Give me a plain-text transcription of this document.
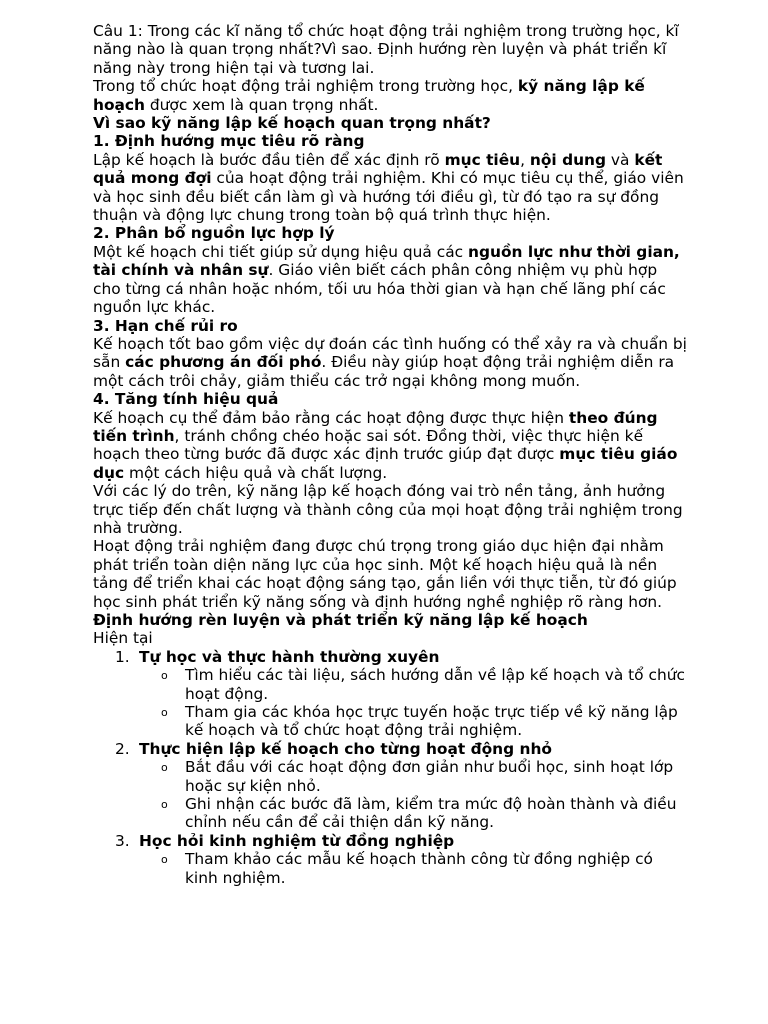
Câu 1: Trong các kĩ năng tổ chức hoạt động trải nghiệm trong trường học, kĩ năng nào là quan trọng nhất?Vì sao. Định hướng rèn luyện và phát triển kĩ năng này trong hiện tại và tương lai.

Trong tổ chức hoạt động trải nghiệm trong trường học, kỹ năng lập kế hoạch được xem là quan trọng nhất.

Vì sao kỹ năng lập kế hoạch quan trọng nhất?

1. Định hướng mục tiêu rõ ràng

Lập kế hoạch là bước đầu tiên để xác định rõ mục tiêu, nội dung và kết quả mong đợi của hoạt động trải nghiệm. Khi có mục tiêu cụ thể, giáo viên và học sinh đều biết cần làm gì và hướng tới điều gì, từ đó tạo ra sự đồng thuận và động lực chung trong toàn bộ quá trình thực hiện.

2. Phân bổ nguồn lực hợp lý

Một kế hoạch chi tiết giúp sử dụng hiệu quả các nguồn lực như thời gian, tài chính và nhân sự. Giáo viên biết cách phân công nhiệm vụ phù hợp cho từng cá nhân hoặc nhóm, tối ưu hóa thời gian và hạn chế lãng phí các nguồn lực khác.

3. Hạn chế rủi ro

Kế hoạch tốt bao gồm việc dự đoán các tình huống có thể xảy ra và chuẩn bị sẵn các phương án đối phó. Điều này giúp hoạt động trải nghiệm diễn ra một cách trôi chảy, giảm thiểu các trở ngại không mong muốn.

4. Tăng tính hiệu quả

Kế hoạch cụ thể đảm bảo rằng các hoạt động được thực hiện theo đúng tiến trình, tránh chồng chéo hoặc sai sót. Đồng thời, việc thực hiện kế hoạch theo từng bước đã được xác định trước giúp đạt được mục tiêu giáo dục một cách hiệu quả và chất lượng.

Với các lý do trên, kỹ năng lập kế hoạch đóng vai trò nền tảng, ảnh hưởng trực tiếp đến chất lượng và thành công của mọi hoạt động trải nghiệm trong nhà trường.

Hoạt động trải nghiệm đang được chú trọng trong giáo dục hiện đại nhằm phát triển toàn diện năng lực của học sinh. Một kế hoạch hiệu quả là nền tảng để triển khai các hoạt động sáng tạo, gắn liền với thực tiễn, từ đó giúp học sinh phát triển kỹ năng sống và định hướng nghề nghiệp rõ ràng hơn.

Định hướng rèn luyện và phát triển kỹ năng lập kế hoạch

Hiện tại

1. Tự học và thực hành thường xuyên
o Tìm hiểu các tài liệu, sách hướng dẫn về lập kế hoạch và tổ chức hoạt động.
o Tham gia các khóa học trực tuyến hoặc trực tiếp về kỹ năng lập kế hoạch và tổ chức hoạt động trải nghiệm.
2. Thực hiện lập kế hoạch cho từng hoạt động nhỏ
o Bắt đầu với các hoạt động đơn giản như buổi học, sinh hoạt lớp hoặc sự kiện nhỏ.
o Ghi nhận các bước đã làm, kiểm tra mức độ hoàn thành và điều chỉnh nếu cần để cải thiện dần kỹ năng.
3. Học hỏi kinh nghiệm từ đồng nghiệp
o Tham khảo các mẫu kế hoạch thành công từ đồng nghiệp có kinh nghiệm.
